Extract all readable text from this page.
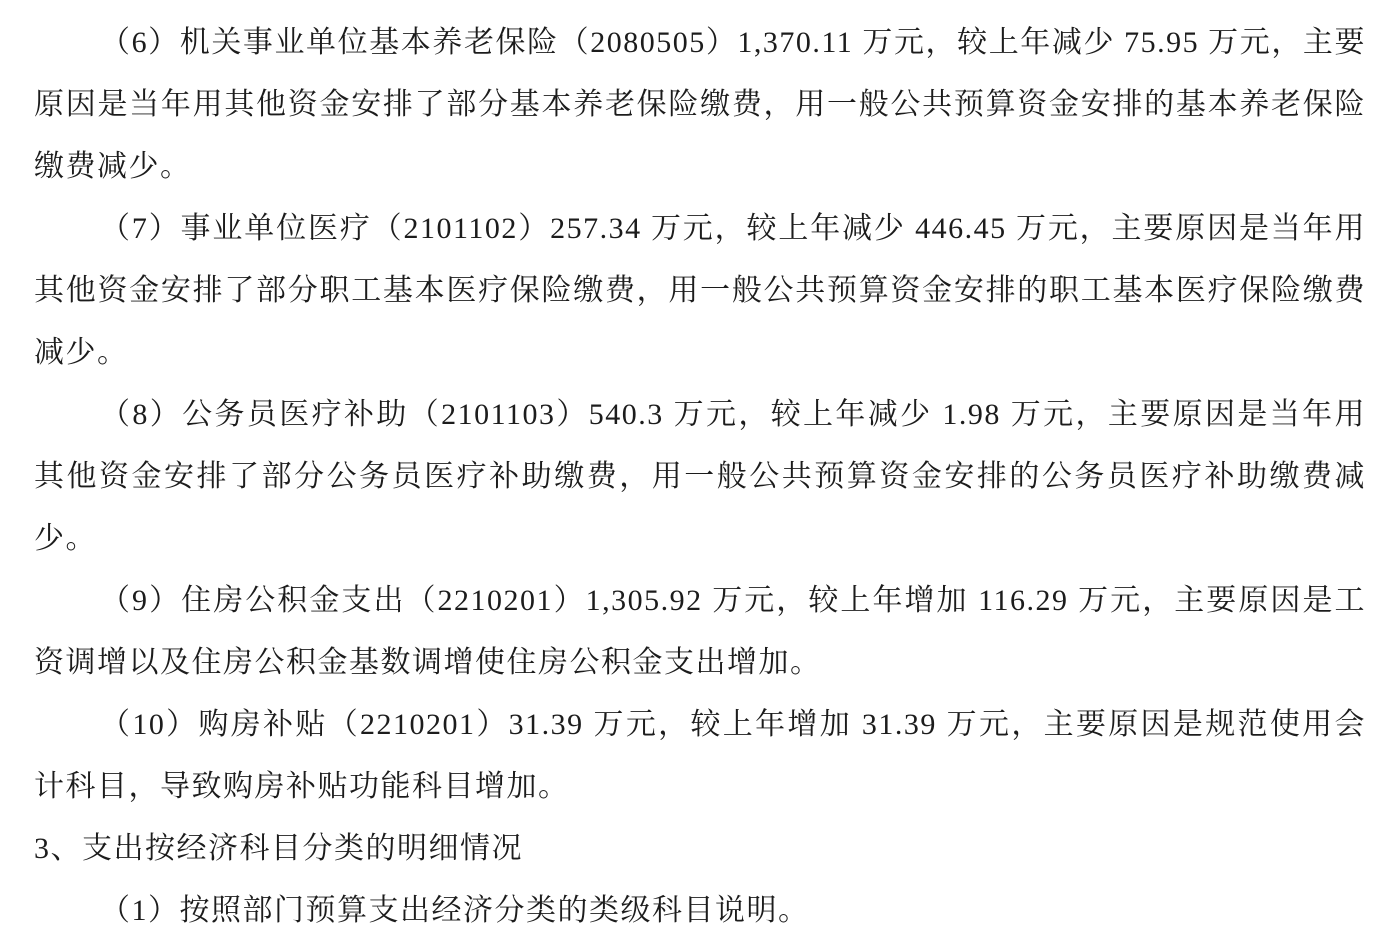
（6）机关事业单位基本养老保险（2080505）1,370.11 万元，较上年减少 75.95 万元，主要原因是当年用其他资金安排了部分基本养老保险缴费，用一般公共预算资金安排的基本养老保险缴费减少。

（7）事业单位医疗（2101102）257.34 万元，较上年减少 446.45 万元，主要原因是当年用其他资金安排了部分职工基本医疗保险缴费，用一般公共预算资金安排的职工基本医疗保险缴费减少。

（8）公务员医疗补助（2101103）540.3 万元，较上年减少 1.98 万元，主要原因是当年用其他资金安排了部分公务员医疗补助缴费，用一般公共预算资金安排的公务员医疗补助缴费减少。

（9）住房公积金支出（2210201）1,305.92 万元，较上年增加 116.29 万元，主要原因是工资调增以及住房公积金基数调增使住房公积金支出增加。

（10）购房补贴（2210201）31.39 万元，较上年增加 31.39 万元，主要原因是规范使用会计科目，导致购房补贴功能科目增加。

3、支出按经济科目分类的明细情况

（1）按照部门预算支出经济分类的类级科目说明。
